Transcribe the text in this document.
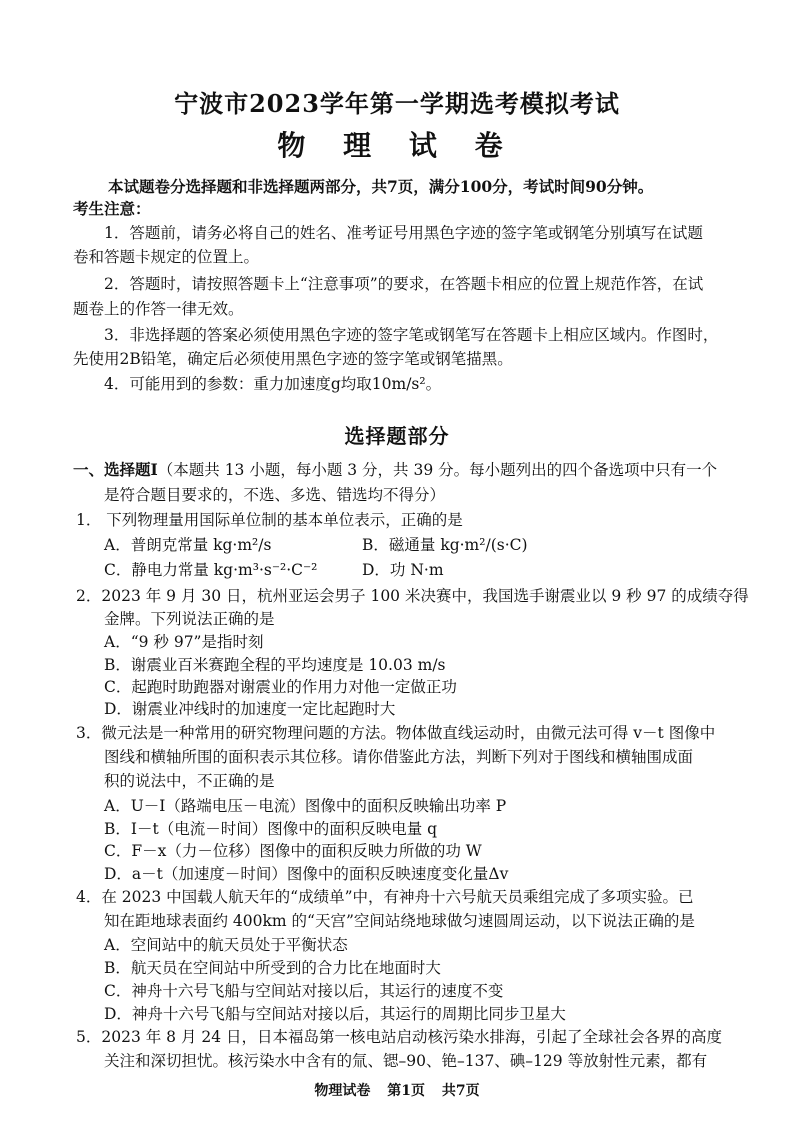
宁波市2023学年第一学期选考模拟考试
物 理 试 卷
本试题卷分选择题和非选择题两部分，共7页，满分100分，考试时间90分钟。
考生注意：
1．答题前，请务必将自己的姓名、准考证号用黑色字迹的签字笔或钢笔分别填写在试题
卷和答题卡规定的位置上。
2．答题时，请按照答题卡上“注意事项”的要求，在答题卡相应的位置上规范作答，在试
题卷上的作答一律无效。
3．非选择题的答案必须使用黑色字迹的签字笔或钢笔写在答题卡上相应区域内。作图时，
先使用2B铅笔，确定后必须使用黑色字迹的签字笔或钢笔描黑。
4．可能用到的参数：重力加速度g均取10m/s²。
选择题部分
一、选择题Ⅰ（本题共 13 小题，每小题 3 分，共 39 分。每小题列出的四个备选项中只有一个
是符合题目要求的，不选、多选、错选均不得分）
1． 下列物理量用国际单位制的基本单位表示，正确的是
A．普朗克常量 kg·m²/s	B．磁通量 kg·m²/(s·C)
C．静电力常量 kg·m³·s⁻²·C⁻²	D．功 N·m
2．2023 年 9 月 30 日，杭州亚运会男子 100 米决赛中，我国选手谢震业以 9 秒 97 的成绩夺得
金牌。下列说法正确的是
A．“9 秒 97”是指时刻
B．谢震业百米赛跑全程的平均速度是 10.03 m/s
C．起跑时助跑器对谢震业的作用力对他一定做正功
D．谢震业冲线时的加速度一定比起跑时大
3．微元法是一种常用的研究物理问题的方法。物体做直线运动时，由微元法可得 v－t 图像中
图线和横轴所围的面积表示其位移。请你借鉴此方法，判断下列对于图线和横轴围成面
积的说法中，不正确的是
A．U－I（路端电压－电流）图像中的面积反映输出功率 P
B．I－t（电流－时间）图像中的面积反映电量 q
C．F－x（力－位移）图像中的面积反映力所做的功 W
D．a－t（加速度－时间）图像中的面积反映速度变化量Δv
4．在 2023 中国载人航天年的“成绩单”中，有神舟十六号航天员乘组完成了多项实验。已
知在距地球表面约 400km 的“天宫”空间站绕地球做匀速圆周运动，以下说法正确的是
A．空间站中的航天员处于平衡状态
B．航天员在空间站中所受到的合力比在地面时大
C．神舟十六号飞船与空间站对接以后，其运行的速度不变
D．神舟十六号飞船与空间站对接以后，其运行的周期比同步卫星大
5．2023 年 8 月 24 日，日本福岛第一核电站启动核污染水排海，引起了全球社会各界的高度
物理试卷 第1页 共7页
关注和深切担忧。核污染水中含有的氚、锶–90、铯–137、碘–129 等放射性元素，都有
